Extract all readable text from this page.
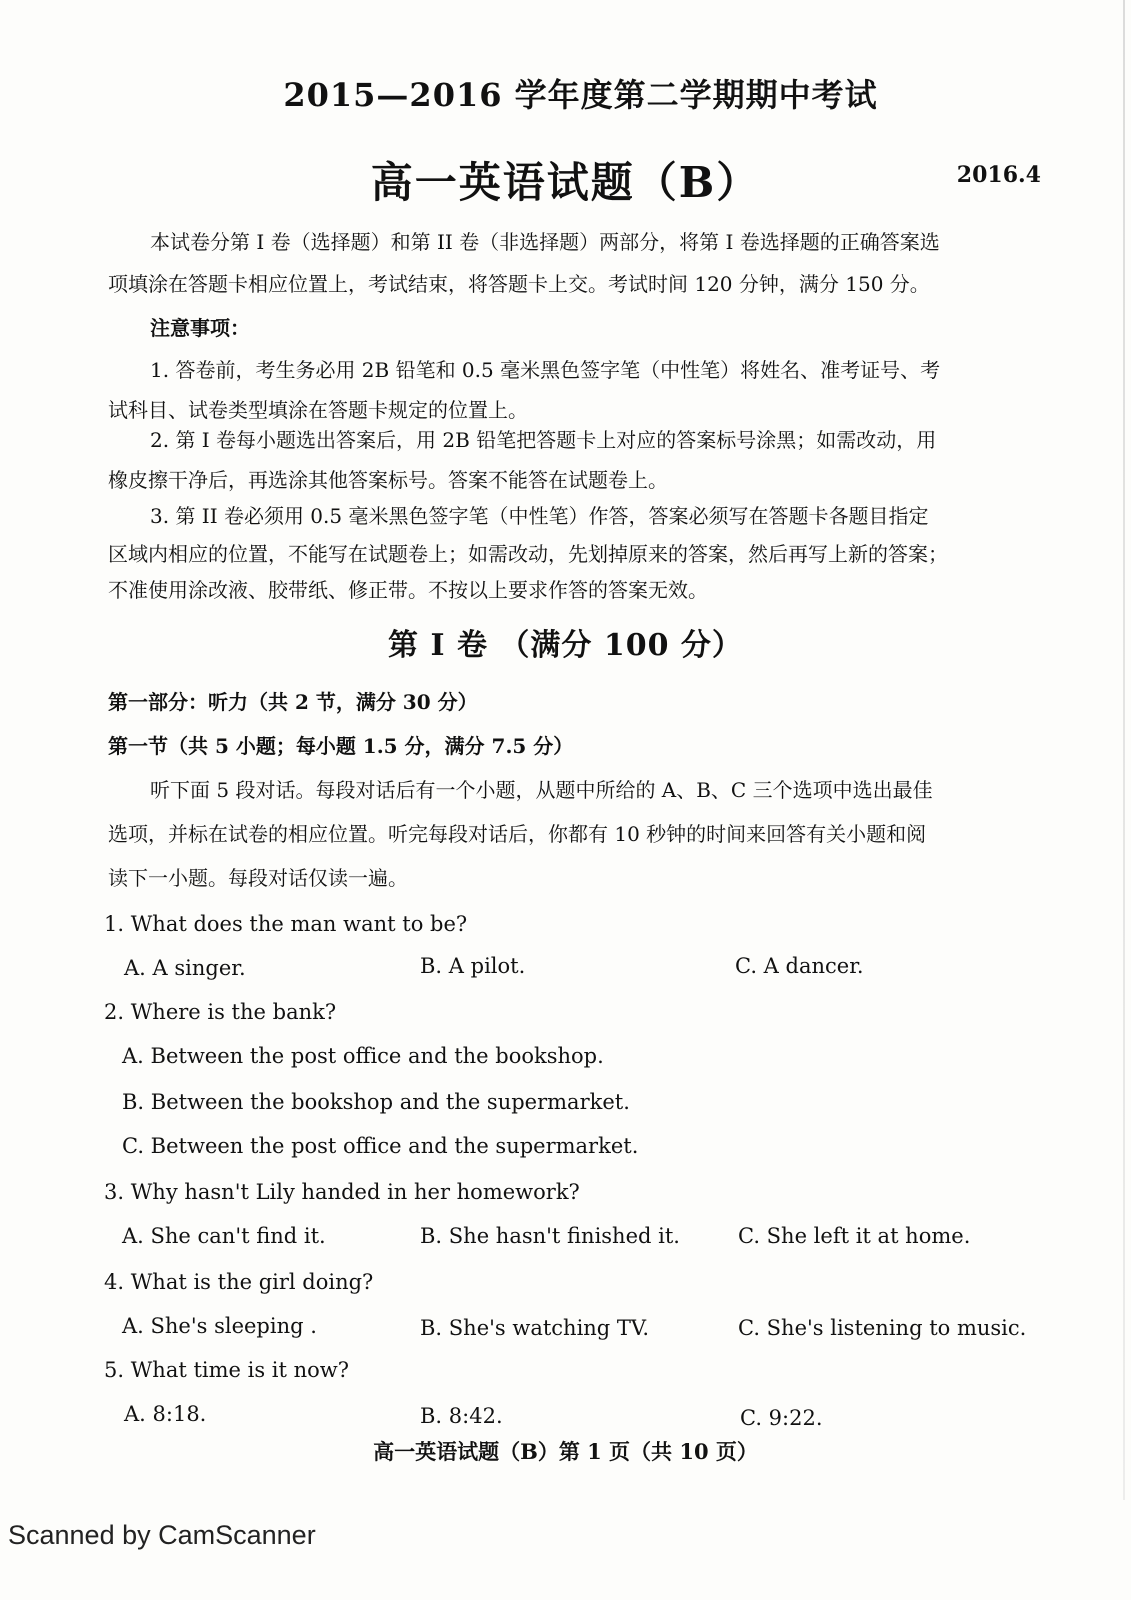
2015—2016 学年度第二学期期中考试
高一英语试题（B）	2016.4
本试卷分第 I 卷（选择题）和第 II 卷（非选择题）两部分，将第 I 卷选择题的正确答案选
项填涂在答题卡相应位置上，考试结束，将答题卡上交。考试时间 120 分钟，满分 150 分。
注意事项：
1. 答卷前，考生务必用 2B 铅笔和 0.5 毫米黑色签字笔（中性笔）将姓名、准考证号、考
试科目、试卷类型填涂在答题卡规定的位置上。
2. 第 I 卷每小题选出答案后，用 2B 铅笔把答题卡上对应的答案标号涂黑；如需改动，用
橡皮擦干净后，再选涂其他答案标号。答案不能答在试题卷上。
3. 第 II 卷必须用 0.5 毫米黑色签字笔（中性笔）作答，答案必须写在答题卡各题目指定
区域内相应的位置，不能写在试题卷上；如需改动，先划掉原来的答案，然后再写上新的答案；
不准使用涂改液、胶带纸、修正带。不按以上要求作答的答案无效。
第 I 卷 （满分 100 分）
第一部分：听力（共 2 节，满分 30 分）
第一节（共 5 小题；每小题 1.5 分，满分 7.5 分）
听下面 5 段对话。每段对话后有一个小题，从题中所给的 A、B、C 三个选项中选出最佳
选项，并标在试卷的相应位置。听完每段对话后，你都有 10 秒钟的时间来回答有关小题和阅
读下一小题。每段对话仅读一遍。
1. What does the man want to be?
A. A singer.	B. A pilot.	C. A dancer.
2. Where is the bank?
A. Between the post office and the bookshop.
B. Between the bookshop and the supermarket.
C. Between the post office and the supermarket.
3. Why hasn't Lily handed in her homework?
A. She can't find it.	B. She hasn't finished it.	C. She left it at home.
4. What is the girl doing?
A. She's sleeping .	B. She's watching TV.	C. She's listening to music.
5. What time is it now?
A. 8:18.	B. 8:42.	C. 9:22.
高一英语试题（B）第 1 页（共 10 页）
Scanned by CamScanner
